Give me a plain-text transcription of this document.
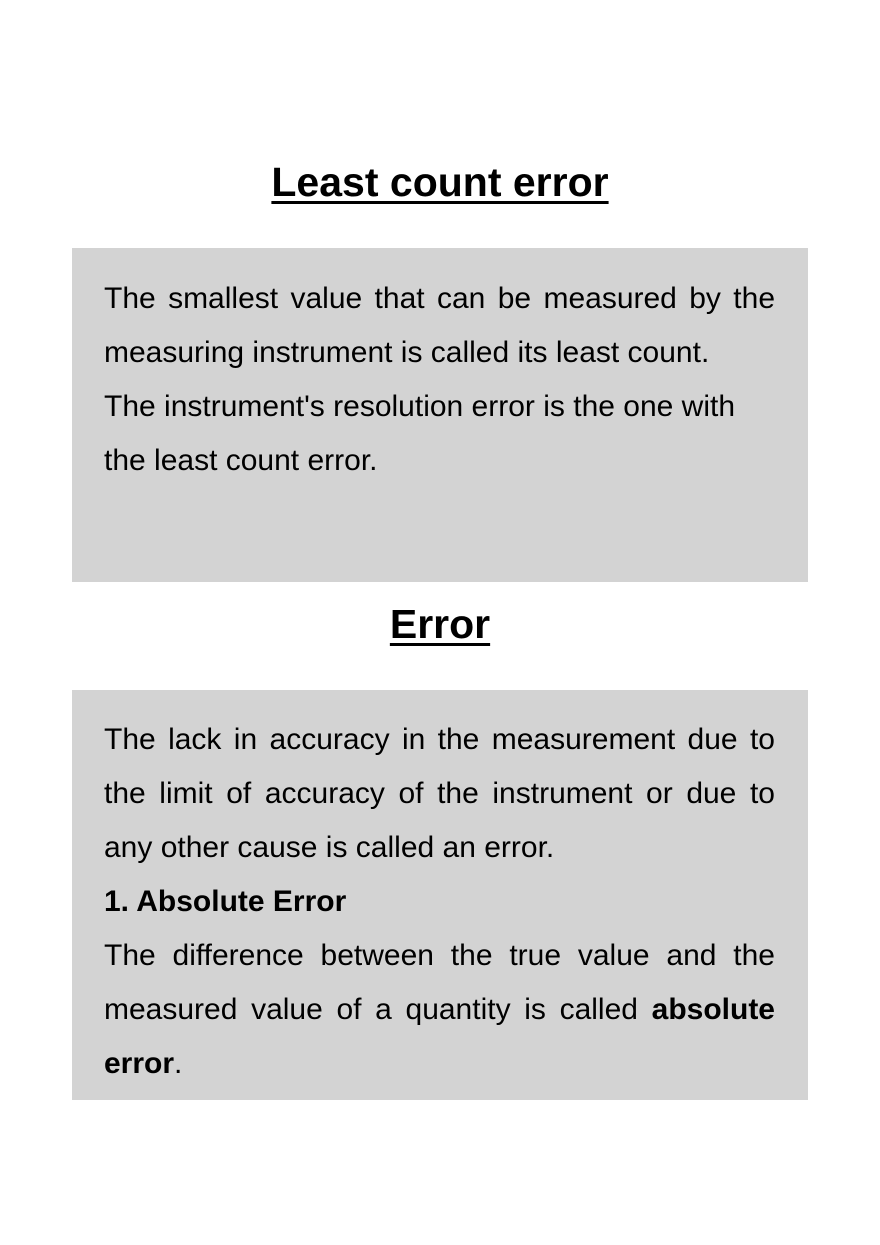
Least count error

The smallest value that can be measured by the measuring instrument is called its least count.

The instrument's resolution error is the one with the least count error.

Error

The lack in accuracy in the measurement due to the limit of accuracy of the instrument or due to any other cause is called an error.

1. Absolute Error

The difference between the true value and the measured value of a quantity is called absolute error.
